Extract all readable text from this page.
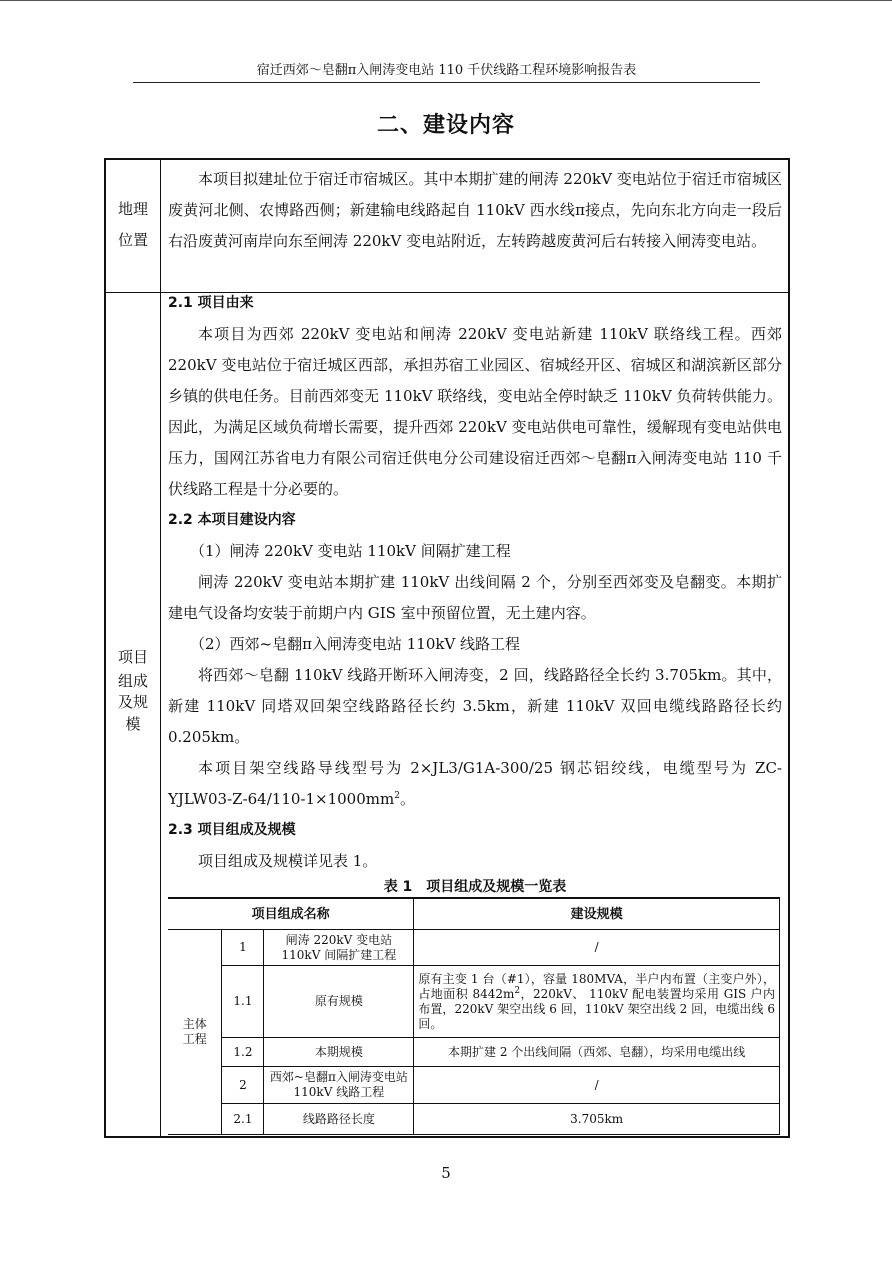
宿迁西郊～皂翻π入闸涛变电站 110 千伏线路工程环境影响报告表
二、建设内容
地理
位置

本项目拟建址位于宿迁市宿城区。其中本期扩建的闸涛 220kV 变电站位于宿迁市宿城区废黄河北侧、农博路西侧；新建输电线路起自 110kV 西水线π接点，先向东北方向走一段后右沿废黄河南岸向东至闸涛 220kV 变电站附近，左转跨越废黄河后右转接入闸涛变电站。

项目
组成
及规
模

2.1 项目由来

本项目为西郊 220kV 变电站和闸涛 220kV 变电站新建 110kV 联络线工程。西郊 220kV 变电站位于宿迁城区西部，承担苏宿工业园区、宿城经开区、宿城区和湖滨新区部分乡镇的供电任务。目前西郊变无 110kV 联络线，变电站全停时缺乏 110kV 负荷转供能力。因此，为满足区域负荷增长需要，提升西郊 220kV 变电站供电可靠性，缓解现有变电站供电压力，国网江苏省电力有限公司宿迁供电分公司建设宿迁西郊～皂翻π入闸涛变电站 110 千伏线路工程是十分必要的。

2.2 本项目建设内容

（1）闸涛 220kV 变电站 110kV 间隔扩建工程

闸涛 220kV 变电站本期扩建 110kV 出线间隔 2 个，分别至西郊变及皂翻变。本期扩建电气设备均安装于前期户内 GIS 室中预留位置，无土建内容。

（2）西郊~皂翻π入闸涛变电站 110kV 线路工程

将西郊～皂翻 110kV 线路开断环入闸涛变，2 回，线路路径全长约 3.705km。其中，新建 110kV 同塔双回架空线路路径长约 3.5km，新建 110kV 双回电缆线路路径长约 0.205km。

本项目架空线路导线型号为 2×JL3/G1A-300/25 钢芯铝绞线，电缆型号为 $ZC-YJLW03-Z-64/110-1\times 1000mm^2$。

2.3 项目组成及规模

项目组成及规模详见表 1。

表 1　项目组成及规模一览表
项目组成名称			建设规模
主体工程	1	闸涛 220kV 变电站 110kV 间隔扩建工程	/
	1.1	原有规模	原有主变 1 台（#1），容量 180MVA，半户内布置（主变户外），占地面积 $8442m^2$，220kV、 110kV 配电装置均采用 GIS 户内布置，220kV 架空出线 6 回，110kV 架空出线 2 回，电缆出线 6 回。
	1.2	本期规模	本期扩建 2 个出线间隔（西郊、皂翻），均采用电缆出线
	2	西郊~皂翻π入闸涛变电站 110kV 线路工程	/
	2.1	线路路径长度	3.705km
5
